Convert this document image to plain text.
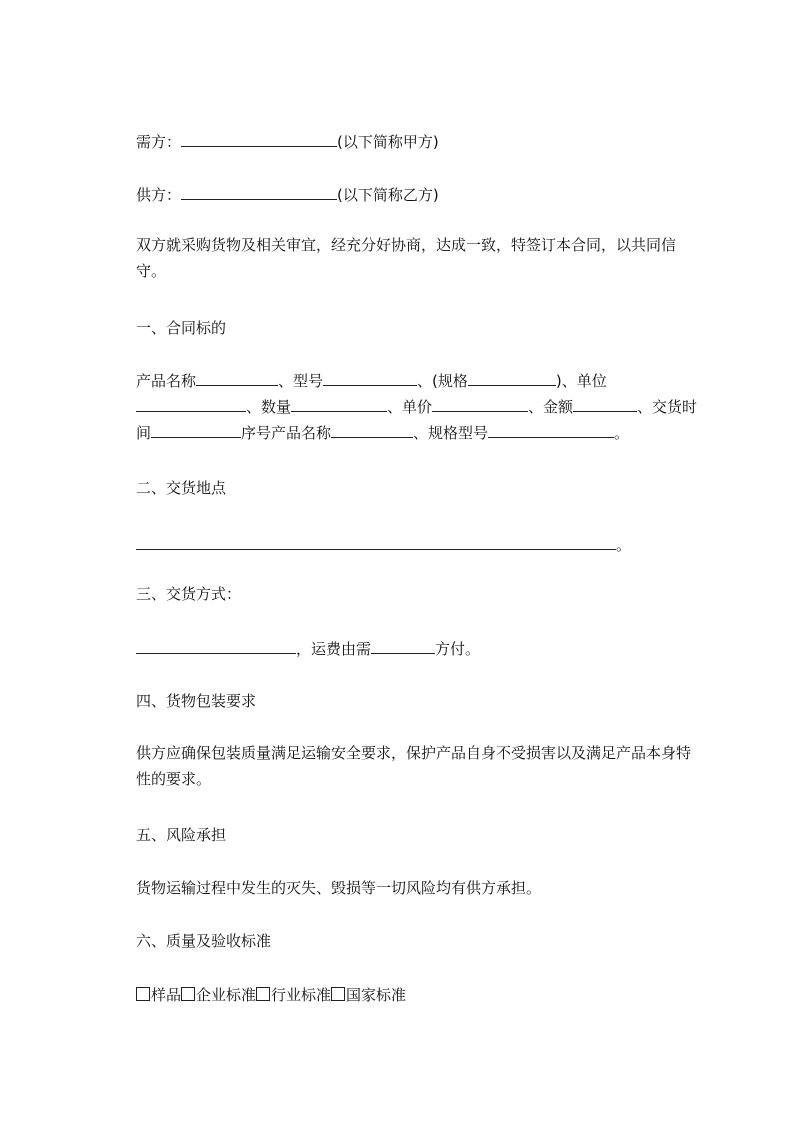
需方：	(以下简称甲方)
供方：	(以下简称乙方)

双方就采购货物及相关审宜，经充分好协商，达成一致，特签订本合同，以共同信守。

一、合同标的

产品名称	、型号	、(规格	)、单位、数量	、单价	、金额	、交货时间	序号产品名称	、规格型号	。

二、交货地点
。
三、交货方式：
，运费由需	方付。
四、货物包装要求

供方应确保包装质量满足运输安全要求，保护产品自身不受损害以及满足产品本身特性的要求。

五、风险承担
货物运输过程中发生的灭失、毁损等一切风险均有供方承担。
六、质量及验收标准
样品 企业标准 行业标准 国家标准
